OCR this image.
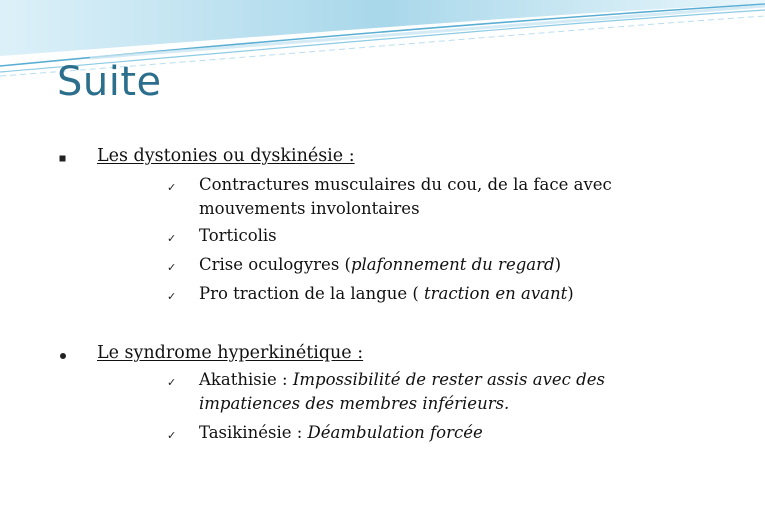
Suite
Les dystonies ou dyskinésie :
✓ Contractures musculaires du cou, de la face avec mouvements involontaires
✓ Torticolis
✓ Crise oculogyres (plafonnement du regard)
✓ Pro traction de la langue ( traction en avant)
Le syndrome hyperkinétique :
✓ Akathisie : Impossibilité de rester assis avec des impatiences des membres inférieurs.
✓ Tasikinésie : Déambulation forcée
